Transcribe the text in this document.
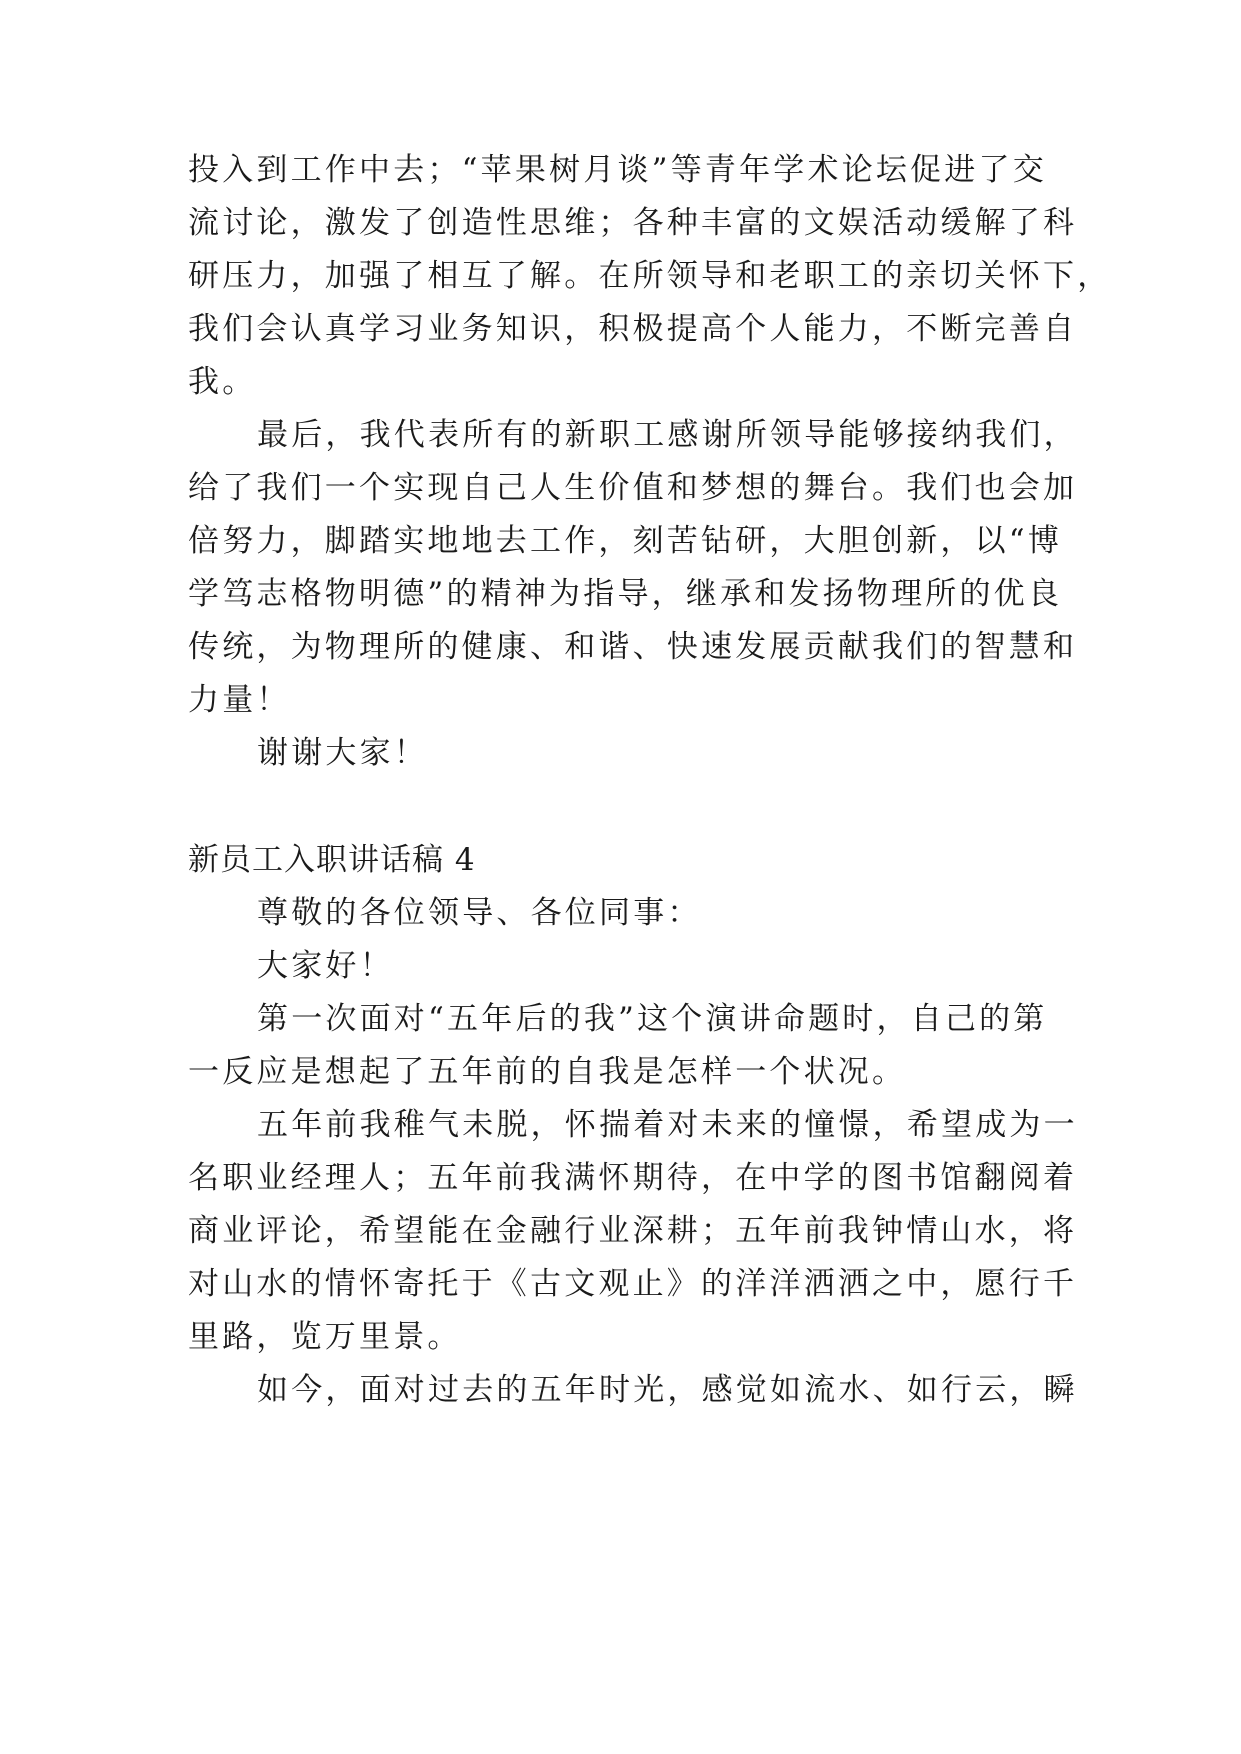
投入到工作中去；“苹果树月谈”等青年学术论坛促进了交
流讨论，激发了创造性思维；各种丰富的文娱活动缓解了科
研压力，加强了相互了解。在所领导和老职工的亲切关怀下，
我们会认真学习业务知识，积极提高个人能力，不断完善自
我。
最后，我代表所有的新职工感谢所领导能够接纳我们，
给了我们一个实现自己人生价值和梦想的舞台。我们也会加
倍努力，脚踏实地地去工作，刻苦钻研，大胆创新，以“博
学笃志格物明德”的精神为指导，继承和发扬物理所的优良
传统，为物理所的健康、和谐、快速发展贡献我们的智慧和
力量！
谢谢大家！
新员工入职讲话稿 4
尊敬的各位领导、各位同事：
大家好！
第一次面对“五年后的我”这个演讲命题时，自己的第
一反应是想起了五年前的自我是怎样一个状况。
五年前我稚气未脱，怀揣着对未来的憧憬，希望成为一
名职业经理人；五年前我满怀期待，在中学的图书馆翻阅着
商业评论，希望能在金融行业深耕；五年前我钟情山水，将
对山水的情怀寄托于《古文观止》的洋洋洒洒之中，愿行千
里路，览万里景。
如今，面对过去的五年时光，感觉如流水、如行云，瞬
